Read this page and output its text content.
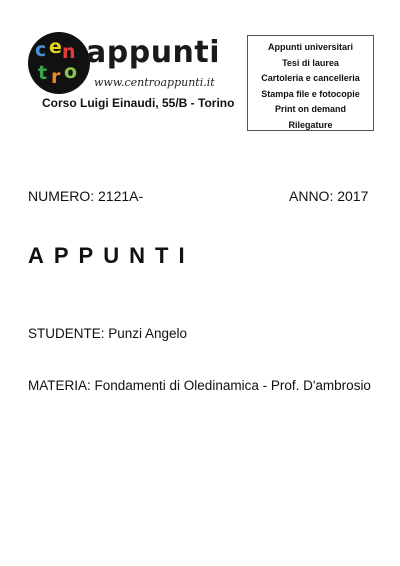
c e n
t r o
appunti
www.centroappunti.it
Corso Luigi Einaudi, 55/B - Torino
Appunti universitari
Tesi di laurea
Cartoleria e cancelleria
Stampa file e fotocopie
Print on demand
Rilegature
NUMERO: 2121A-	ANNO: 2017
APPUNTI
STUDENTE: Punzi Angelo
MATERIA: Fondamenti di Oledinamica - Prof. D'ambrosio
